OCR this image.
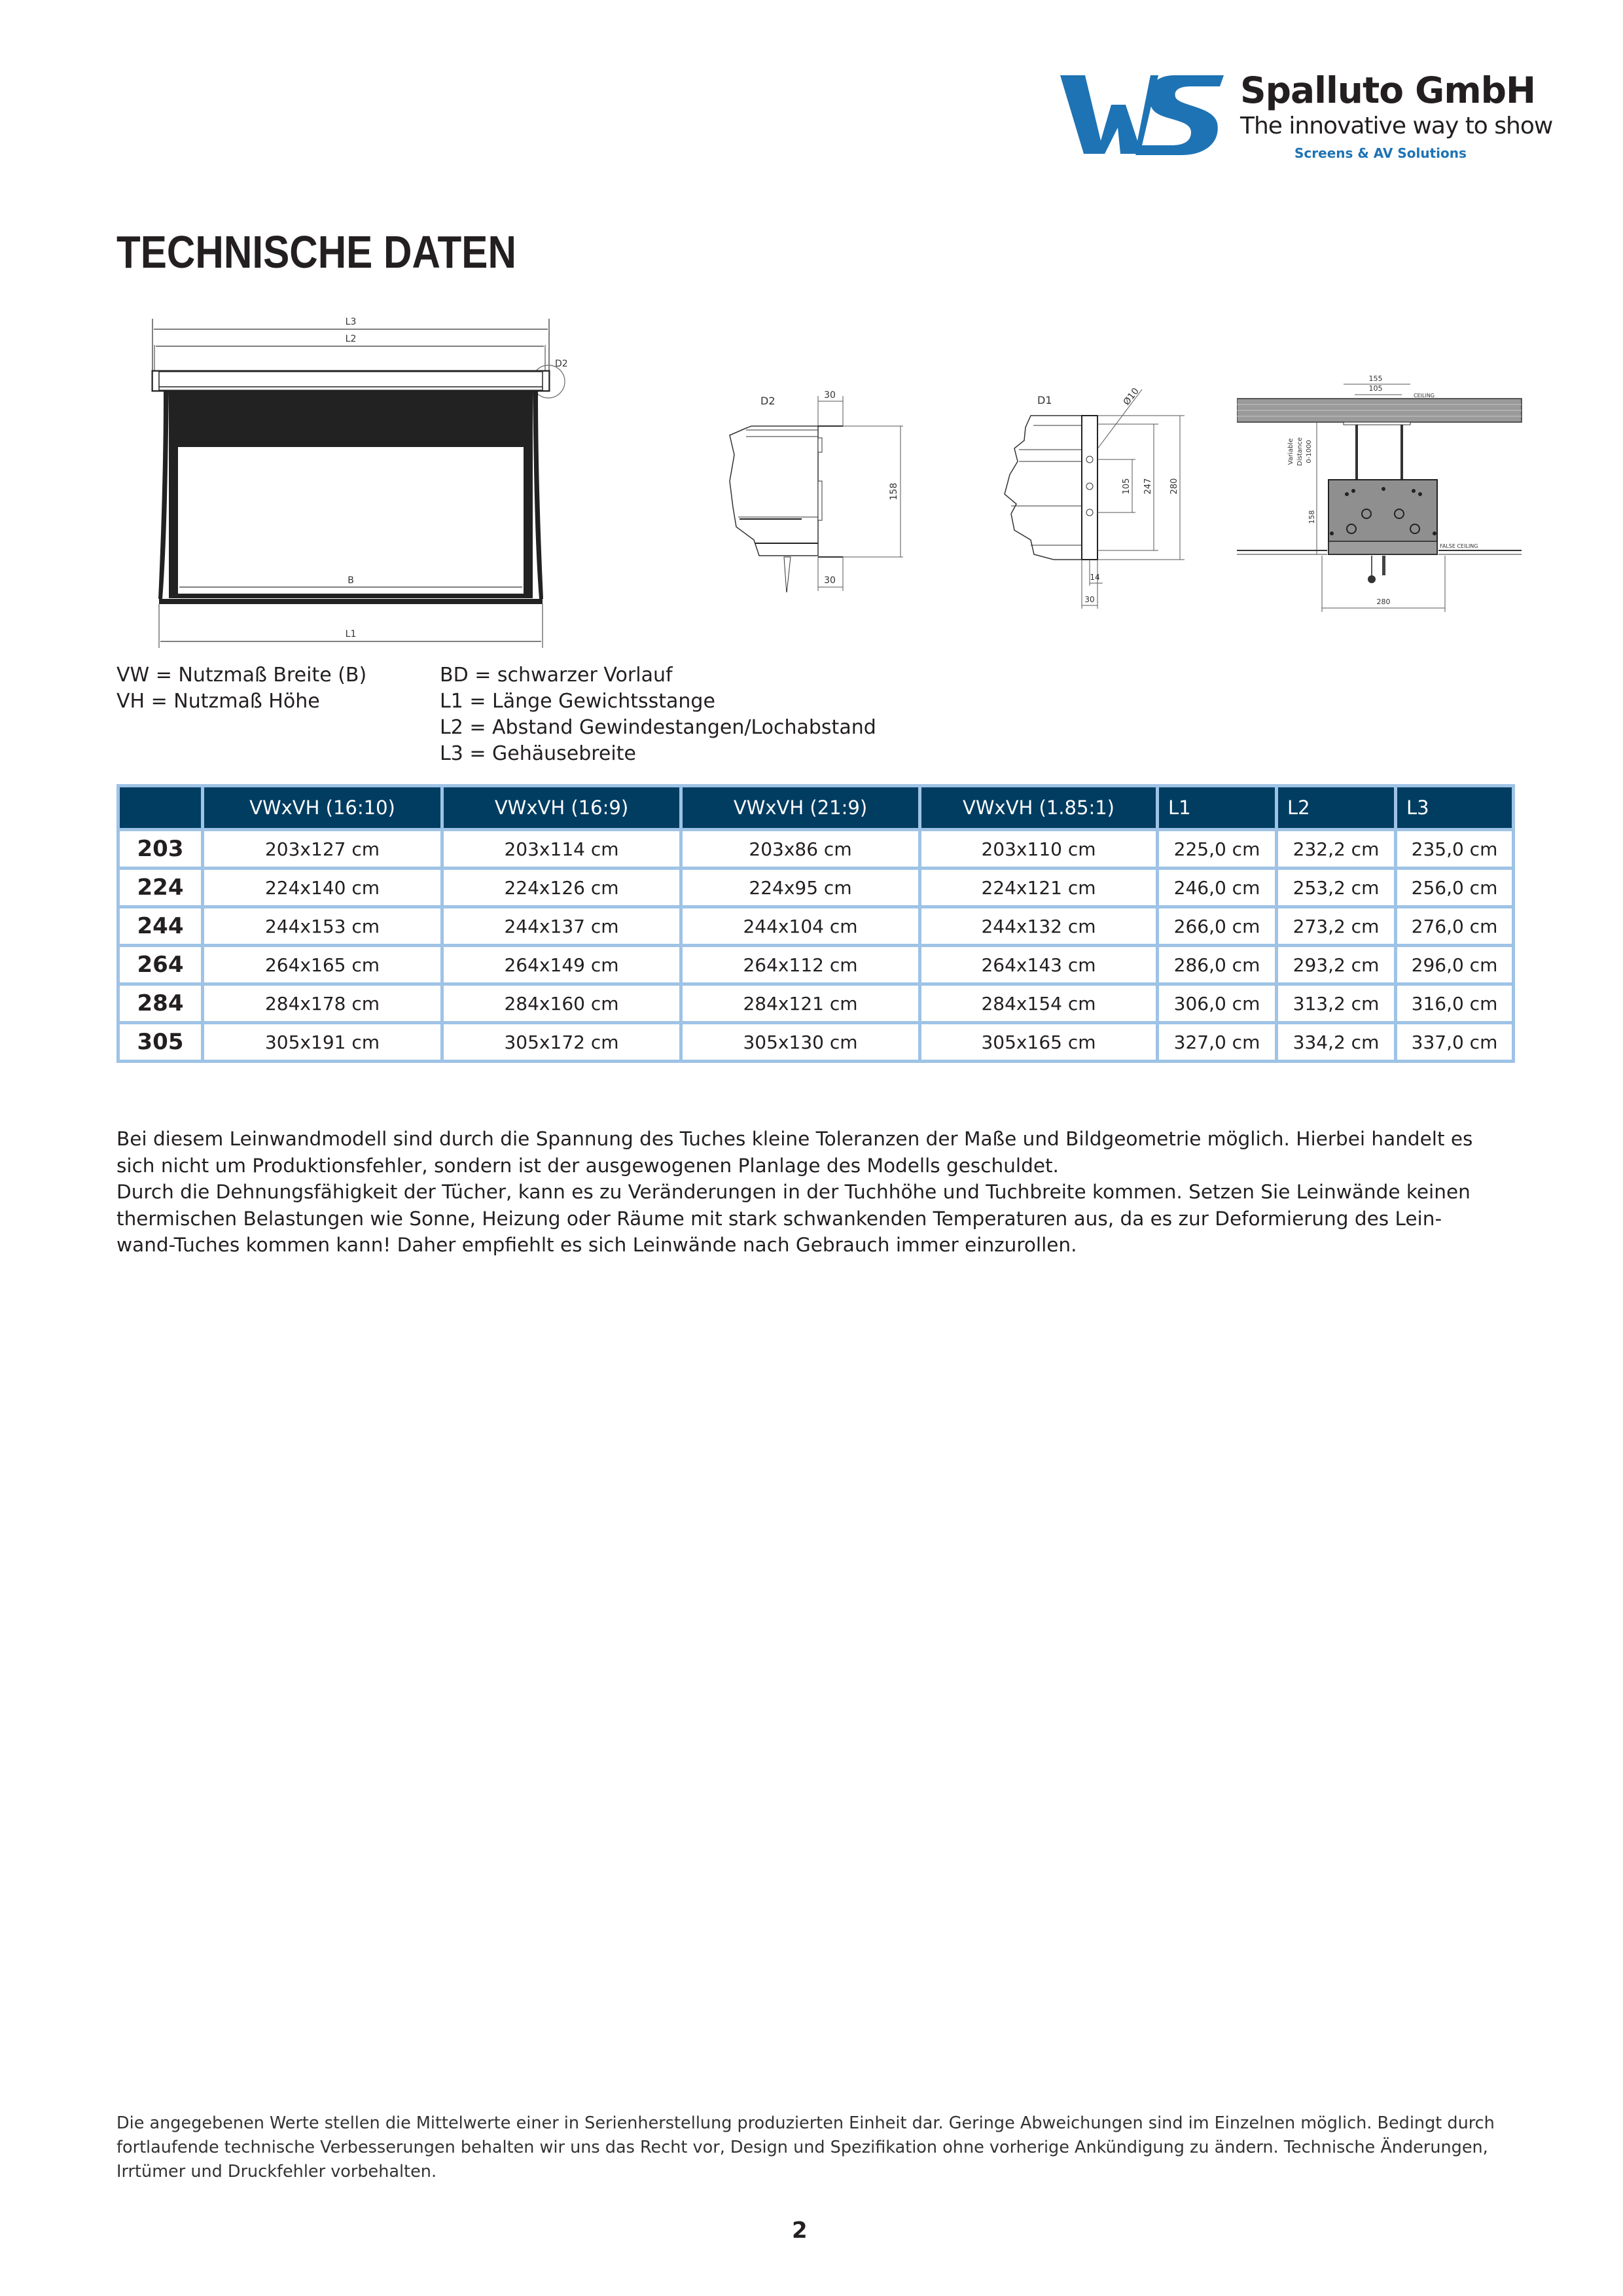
Spalluto GmbH
The innovative way to show
Screens & AV Solutions
TECHNISCHE DATEN
L3
L2
D2
B
L1
D2	30
158
30
D1	Ø10
105 247 280
14
30
155
105
CEILING
Variable Distance 0-1000
158
FALSE CEILING
280
VW = Nutzmaß Breite (B)
VH = Nutzmaß Höhe
BD = schwarzer Vorlauf
L1 = Länge Gewichtsstange
L2 = Abstand Gewindestangen/Lochabstand
L3 = Gehäusebreite
	VWxVH (16:10)	VWxVH (16:9)	VWxVH (21:9)	VWxVH (1.85:1)	L1	L2	L3
203	203x127 cm	203x114 cm	203x86 cm	203x110 cm	225,0 cm	232,2 cm	235,0 cm
224	224x140 cm	224x126 cm	224x95 cm	224x121 cm	246,0 cm	253,2 cm	256,0 cm
244	244x153 cm	244x137 cm	244x104 cm	244x132 cm	266,0 cm	273,2 cm	276,0 cm
264	264x165 cm	264x149 cm	264x112 cm	264x143 cm	286,0 cm	293,2 cm	296,0 cm
284	284x178 cm	284x160 cm	284x121 cm	284x154 cm	306,0 cm	313,2 cm	316,0 cm
305	305x191 cm	305x172 cm	305x130 cm	305x165 cm	327,0 cm	334,2 cm	337,0 cm

Bei diesem Leinwandmodell sind durch die Spannung des Tuches kleine Toleranzen der Maße und Bildgeometrie möglich. Hierbei handelt es

sich nicht um Produktionsfehler, sondern ist der ausgewogenen Planlage des Modells geschuldet.

Durch die Dehnungsfähigkeit der Tücher, kann es zu Veränderungen in der Tuchhöhe und Tuchbreite kommen. Setzen Sie Leinwände keinen

thermischen Belastungen wie Sonne, Heizung oder Räume mit stark schwankenden Temperaturen aus, da es zur Deformierung des Lein-

wand-Tuches kommen kann! Daher empfiehlt es sich Leinwände nach Gebrauch immer einzurollen.

Die angegebenen Werte stellen die Mittelwerte einer in Serienherstellung produzierten Einheit dar. Geringe Abweichungen sind im Einzelnen möglich. Bedingt durch

fortlaufende technische Verbesserungen behalten wir uns das Recht vor, Design und Spezifikation ohne vorherige Ankündigung zu ändern. Technische Änderungen,

Irrtümer und Druckfehler vorbehalten.

2
